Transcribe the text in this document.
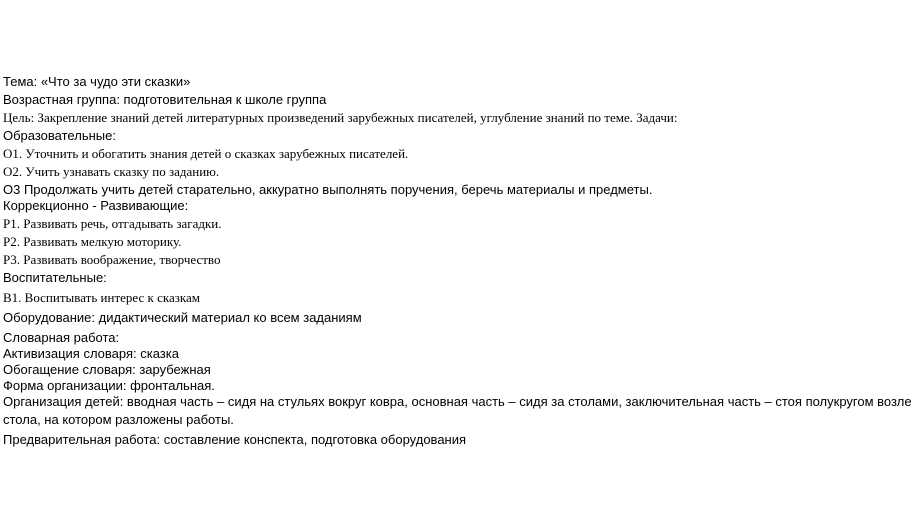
Тема: «Что за чудо эти сказки»

Возрастная группа: подготовительная к школе группа

Цель: Закрепление знаний детей литературных произведений зарубежных писателей, углубление знаний по теме. Задачи:

Образовательные:

О1. Уточнить и обогатить знания детей о сказках зарубежных писателей.

О2. Учить узнавать сказку по заданию.

О3 Продолжать учить детей старательно, аккуратно выполнять поручения, беречь материалы и предметы.

Коррекционно - Развивающие:

Р1. Развивать речь, отгадывать загадки.

Р2. Развивать мелкую моторику.

Р3. Развивать воображение, творчество

Воспитательные:

В1. Воспитывать интерес к сказкам

Оборудование: дидактический материал ко всем заданиям

Словарная работа:

Активизация словаря: сказка

Обогащение словаря: зарубежная

Форма организации: фронтальная.

Организация детей: вводная часть – сидя на стульях вокруг ковра, основная часть – сидя за столами, заключительная часть – стоя полукругом возле

стола, на котором разложены работы.

Предварительная работа: составление конспекта, подготовка оборудования
